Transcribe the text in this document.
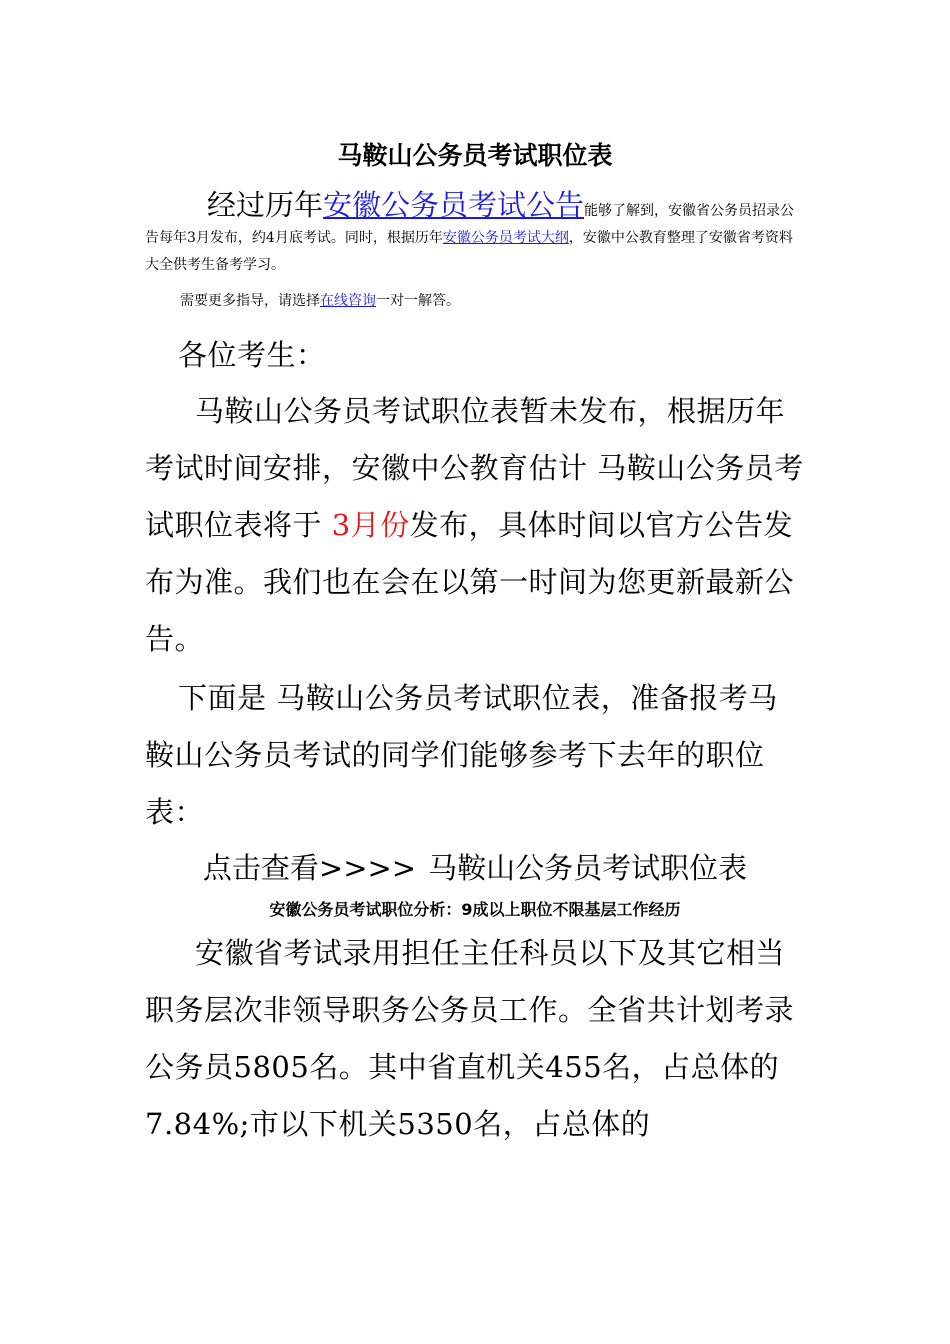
马鞍山公务员考试职位表

经过历年安徽公务员考试公告能够了解到，安徽省公务员招录公告每年3月发布，约4月底考试。同时，根据历年安徽公务员考试大纲，安徽中公教育整理了安徽省考资料大全供考生备考学习。

需要更多指导，请选择在线咨询一对一解答。

各位考生：

马鞍山公务员考试职位表暂未发布，根据历年考试时间安排，安徽中公教育估计 马鞍山公务员考试职位表将于 3月份发布，具体时间以官方公告发布为准。我们也在会在以第一时间为您更新最新公告。

下面是 马鞍山公务员考试职位表，准备报考马鞍山公务员考试的同学们能够参考下去年的职位表：

点击查看>>>> 马鞍山公务员考试职位表

安徽公务员考试职位分析：9成以上职位不限基层工作经历

安徽省考试录用担任主任科员以下及其它相当职务层次非领导职务公务员工作。全省共计划考录公务员5805名。其中省直机关455名，占总体的7.84%;市以下机关5350名，占总体的
